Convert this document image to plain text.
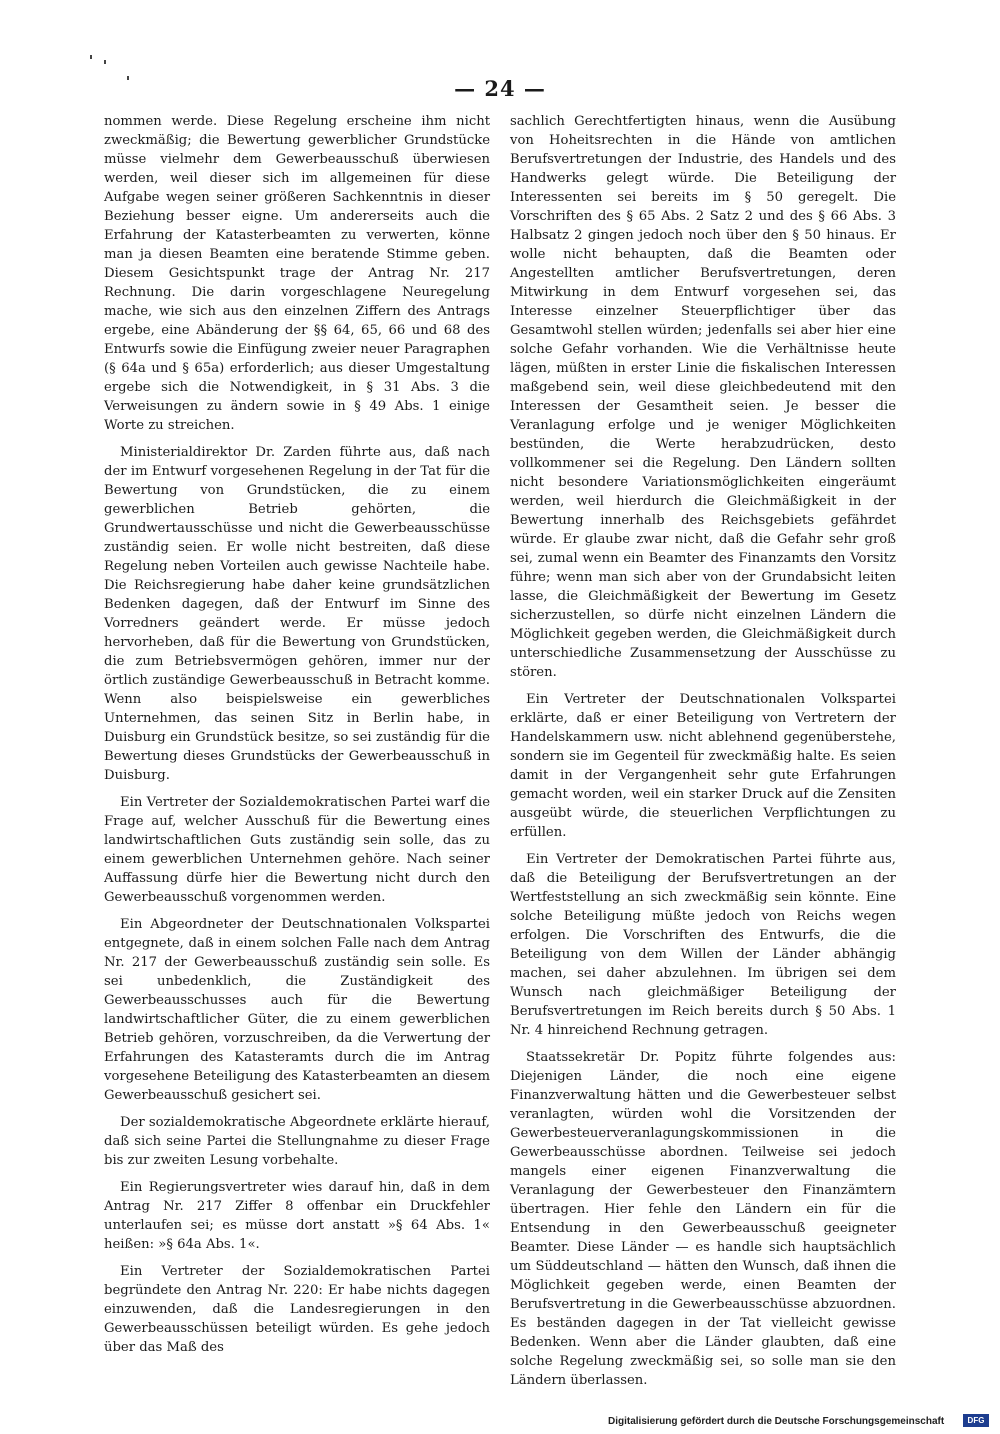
— 24 —

nommen werde. Diese Regelung erscheine ihm nicht zweckmäßig; die Bewertung gewerblicher Grundstücke müsse vielmehr dem Gewerbeausschuß überwiesen werden, weil dieser sich im allgemeinen für diese Aufgabe wegen seiner größeren Sachkenntnis in dieser Beziehung besser eigne. Um andererseits auch die Erfahrung der Katasterbeamten zu verwerten, könne man ja diesen Beamten eine beratende Stimme geben. Diesem Gesichtspunkt trage der Antrag Nr. 217 Rechnung. Die darin vorgeschlagene Neuregelung mache, wie sich aus den einzelnen Ziffern des Antrags ergebe, eine Abänderung der §§ 64, 65, 66 und 68 des Entwurfs sowie die Einfügung zweier neuer Paragraphen (§ 64a und § 65a) erforderlich; aus dieser Umgestaltung ergebe sich die Notwendigkeit, in § 31 Abs. 3 die Verweisungen zu ändern sowie in § 49 Abs. 1 einige Worte zu streichen.

Ministerialdirektor Dr. Zarden führte aus, daß nach der im Entwurf vorgesehenen Regelung in der Tat für die Bewertung von Grundstücken, die zu einem gewerblichen Betrieb gehörten, die Grundwertausschüsse und nicht die Gewerbeausschüsse zuständig seien. Er wolle nicht bestreiten, daß diese Regelung neben Vorteilen auch gewisse Nachteile habe. Die Reichsregierung habe daher keine grundsätzlichen Bedenken dagegen, daß der Entwurf im Sinne des Vorredners geändert werde. Er müsse jedoch hervorheben, daß für die Bewertung von Grundstücken, die zum Betriebsvermögen gehören, immer nur der örtlich zuständige Gewerbeausschuß in Betracht komme. Wenn also beispielsweise ein gewerbliches Unternehmen, das seinen Sitz in Berlin habe, in Duisburg ein Grundstück besitze, so sei zuständig für die Bewertung dieses Grundstücks der Gewerbeausschuß in Duisburg.

Ein Vertreter der Sozialdemokratischen Partei warf die Frage auf, welcher Ausschuß für die Bewertung eines landwirtschaftlichen Guts zuständig sein solle, das zu einem gewerblichen Unternehmen gehöre. Nach seiner Auffassung dürfe hier die Bewertung nicht durch den Gewerbeausschuß vorgenommen werden.

Ein Abgeordneter der Deutschnationalen Volkspartei entgegnete, daß in einem solchen Falle nach dem Antrag Nr. 217 der Gewerbeausschuß zuständig sein solle. Es sei unbedenklich, die Zuständigkeit des Gewerbeausschusses auch für die Bewertung landwirtschaftlicher Güter, die zu einem gewerblichen Betrieb gehören, vorzuschreiben, da die Verwertung der Erfahrungen des Katasteramts durch die im Antrag vorgesehene Beteiligung des Katasterbeamten an diesem Gewerbeausschuß gesichert sei.

Der sozialdemokratische Abgeordnete erklärte hierauf, daß sich seine Partei die Stellungnahme zu dieser Frage bis zur zweiten Lesung vorbehalte.

Ein Regierungsvertreter wies darauf hin, daß in dem Antrag Nr. 217 Ziffer 8 offenbar ein Druckfehler unterlaufen sei; es müsse dort anstatt »§ 64 Abs. 1« heißen: »§ 64a Abs. 1«.

Ein Vertreter der Sozialdemokratischen Partei begründete den Antrag Nr. 220: Er habe nichts dagegen einzuwenden, daß die Landesregierungen in den Gewerbeausschüssen beteiligt würden. Es gehe jedoch über das Maß des

sachlich Gerechtfertigten hinaus, wenn die Ausübung von Hoheitsrechten in die Hände von amtlichen Berufsvertretungen der Industrie, des Handels und des Handwerks gelegt würde. Die Beteiligung der Interessenten sei bereits im § 50 geregelt. Die Vorschriften des § 65 Abs. 2 Satz 2 und des § 66 Abs. 3 Halbsatz 2 gingen jedoch noch über den § 50 hinaus. Er wolle nicht behaupten, daß die Beamten oder Angestellten amtlicher Berufsvertretungen, deren Mitwirkung in dem Entwurf vorgesehen sei, das Interesse einzelner Steuerpflichtiger über das Gesamtwohl stellen würden; jedenfalls sei aber hier eine solche Gefahr vorhanden. Wie die Verhältnisse heute lägen, müßten in erster Linie die fiskalischen Interessen maßgebend sein, weil diese gleichbedeutend mit den Interessen der Gesamtheit seien. Je besser die Veranlagung erfolge und je weniger Möglichkeiten bestünden, die Werte herabzudrücken, desto vollkommener sei die Regelung. Den Ländern sollten nicht besondere Variationsmöglichkeiten eingeräumt werden, weil hierdurch die Gleichmäßigkeit in der Bewertung innerhalb des Reichsgebiets gefährdet würde. Er glaube zwar nicht, daß die Gefahr sehr groß sei, zumal wenn ein Beamter des Finanzamts den Vorsitz führe; wenn man sich aber von der Grundabsicht leiten lasse, die Gleichmäßigkeit der Bewertung im Gesetz sicherzustellen, so dürfe nicht einzelnen Ländern die Möglichkeit gegeben werden, die Gleichmäßigkeit durch unterschiedliche Zusammensetzung der Ausschüsse zu stören.

Ein Vertreter der Deutschnationalen Volkspartei erklärte, daß er einer Beteiligung von Vertretern der Handelskammern usw. nicht ablehnend gegenüberstehe, sondern sie im Gegenteil für zweckmäßig halte. Es seien damit in der Vergangenheit sehr gute Erfahrungen gemacht worden, weil ein starker Druck auf die Zensiten ausgeübt würde, die steuerlichen Verpflichtungen zu erfüllen.

Ein Vertreter der Demokratischen Partei führte aus, daß die Beteiligung der Berufsvertretungen an der Wertfeststellung an sich zweckmäßig sein könnte. Eine solche Beteiligung müßte jedoch von Reichs wegen erfolgen. Die Vorschriften des Entwurfs, die die Beteiligung von dem Willen der Länder abhängig machen, sei daher abzulehnen. Im übrigen sei dem Wunsch nach gleichmäßiger Beteiligung der Berufsvertretungen im Reich bereits durch § 50 Abs. 1 Nr. 4 hinreichend Rechnung getragen.

Staatssekretär Dr. Popitz führte folgendes aus: Diejenigen Länder, die noch eine eigene Finanzverwaltung hätten und die Gewerbesteuer selbst veranlagten, würden wohl die Vorsitzenden der Gewerbesteuerveranlagungskommissionen in die Gewerbeausschüsse abordnen. Teilweise sei jedoch mangels einer eigenen Finanzverwaltung die Veranlagung der Gewerbesteuer den Finanzämtern übertragen. Hier fehle den Ländern ein für die Entsendung in den Gewerbeausschuß geeigneter Beamter. Diese Länder — es handle sich hauptsächlich um Süddeutschland — hätten den Wunsch, daß ihnen die Möglichkeit gegeben werde, einen Beamten der Berufsvertretung in die Gewerbeausschüsse abzuordnen. Es beständen dagegen in der Tat vielleicht gewisse Bedenken. Wenn aber die Länder glaubten, daß eine solche Regelung zweckmäßig sei, so solle man sie den Ländern überlassen.

Digitalisierung gefördert durch die Deutsche Forschungsgemeinschaft	DFG
